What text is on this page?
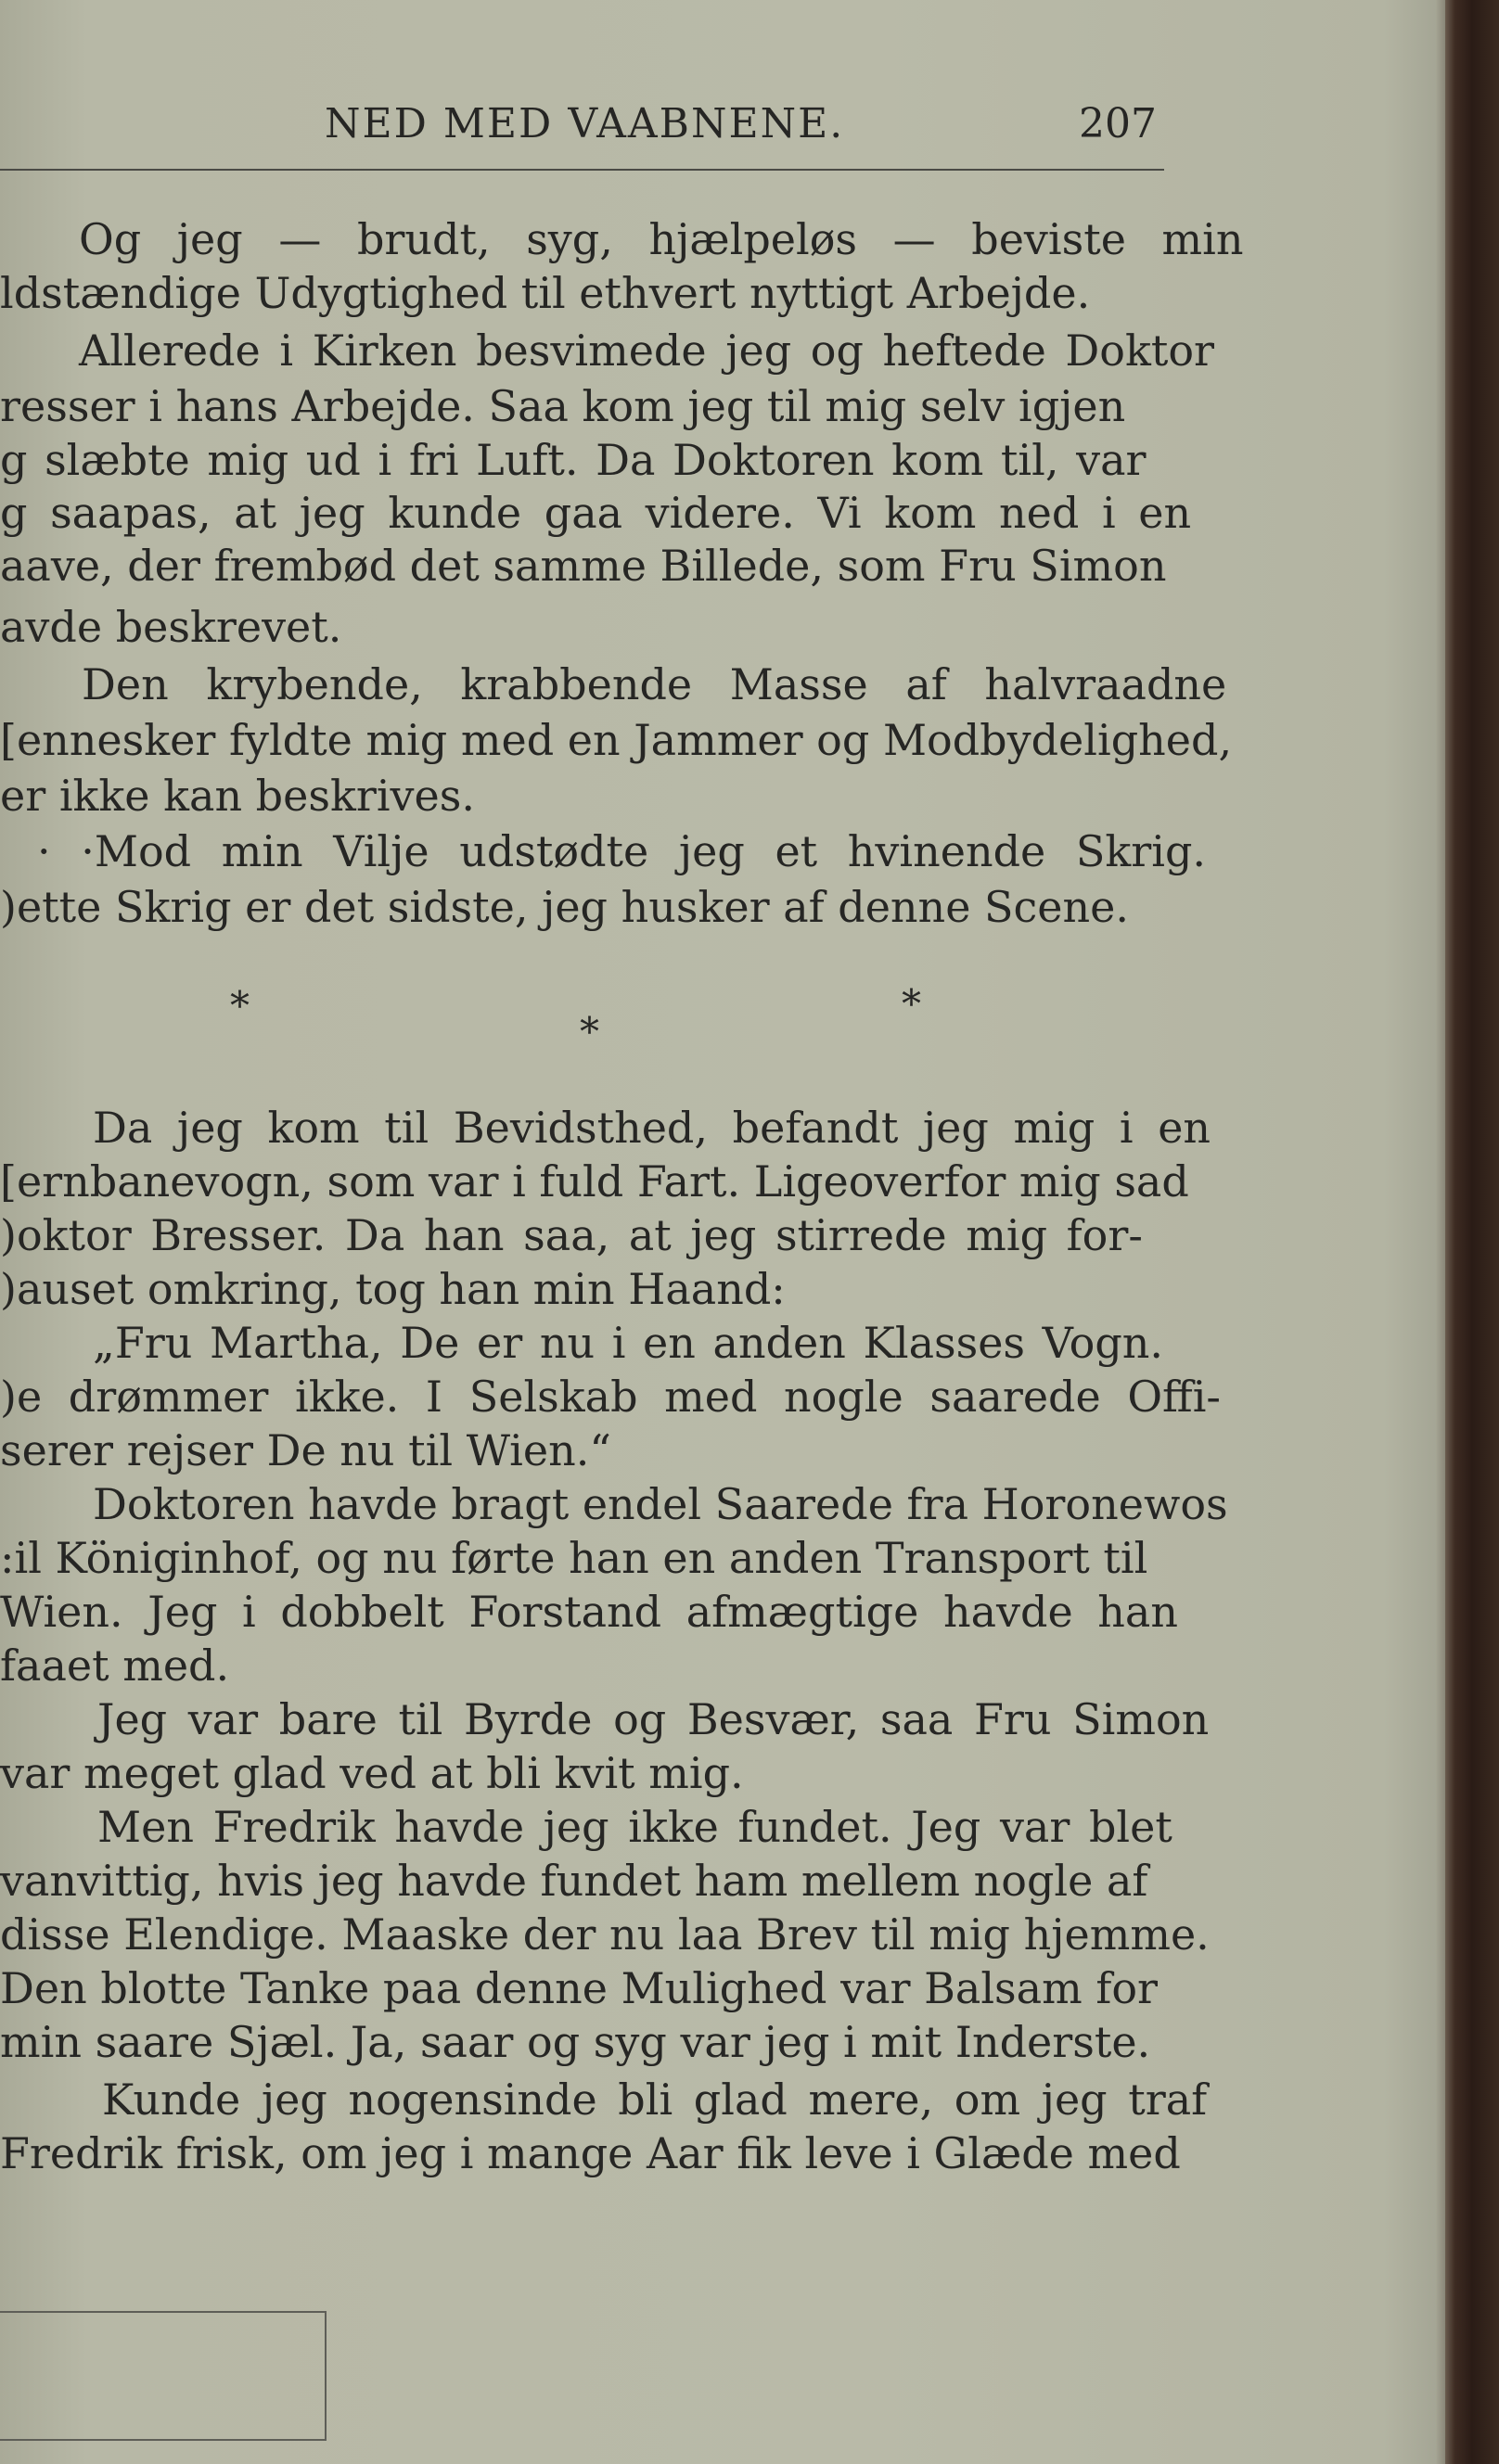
NED MED VAABNENE.	207
Og jeg — brudt, syg, hjælpeløs — beviste min
ldstændige Udygtighed til ethvert nyttigt Arbejde.
Allerede i Kirken besvimede jeg og heftede Doktor
resser i hans Arbejde. Saa kom jeg til mig selv igjen
g slæbte mig ud i fri Luft. Da Doktoren kom til, var
g saapas, at jeg kunde gaa videre. Vi kom ned i en
aave, der frembød det samme Billede, som Fru Simon
avde beskrevet.
Den krybende, krabbende Masse af halvraadne
[ennesker fyldte mig med en Jammer og Modbydelighed,
er ikke kan beskrives.
· ·Mod min Vilje udstødte jeg et hvinende Skrig.
)ette Skrig er det sidste, jeg husker af denne Scene.
*
*
*
Da jeg kom til Bevidsthed, befandt jeg mig i en
[ernbanevogn, som var i fuld Fart. Ligeoverfor mig sad
)oktor Bresser. Da han saa, at jeg stirrede mig for-
)auset omkring, tog han min Haand:
„Fru Martha, De er nu i en anden Klasses Vogn.
)e drømmer ikke. I Selskab med nogle saarede Offi-
serer rejser De nu til Wien.“
Doktoren havde bragt endel Saarede fra Horonewos
:il Königinhof, og nu førte han en anden Transport til
Wien. Jeg i dobbelt Forstand afmægtige havde han
faaet med.
Jeg var bare til Byrde og Besvær, saa Fru Simon
var meget glad ved at bli kvit mig.
Men Fredrik havde jeg ikke fundet. Jeg var blet
vanvittig, hvis jeg havde fundet ham mellem nogle af
disse Elendige. Maaske der nu laa Brev til mig hjemme.
Den blotte Tanke paa denne Mulighed var Balsam for
min saare Sjæl. Ja, saar og syg var jeg i mit Inderste.
Kunde jeg nogensinde bli glad mere, om jeg traf
Fredrik frisk, om jeg i mange Aar fik leve i Glæde med
